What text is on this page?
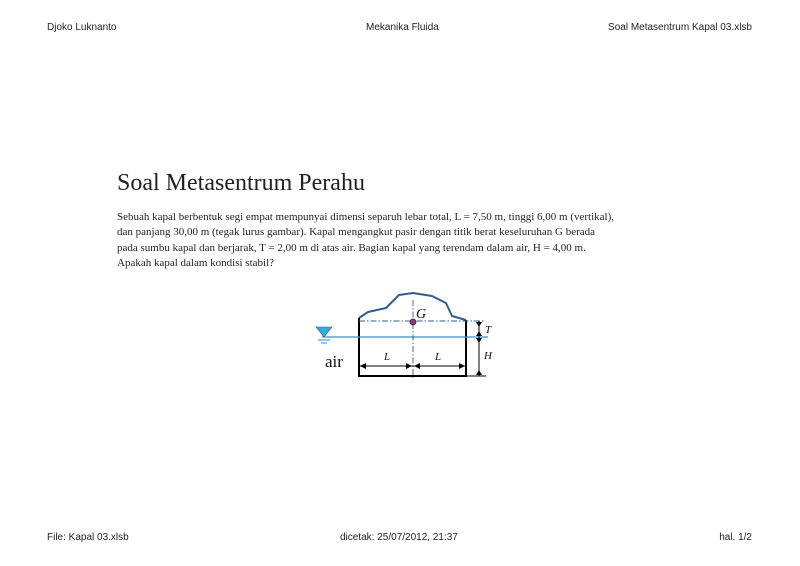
Djoko Luknanto	Mekanika Fluida	Soal Metasentrum Kapal 03.xlsb
Soal Metasentrum Perahu

Sebuah kapal berbentuk segi empat mempunyai dimensi separuh lebar total, L = 7,50 m, tinggi 6,00 m (vertikal),

dan panjang 30,00 m (tegak lurus gambar). Kapal mengangkut pasir dengan titik berat keseluruhan G berada

pada sumbu kapal dan berjarak, T = 2,00 m di atas air. Bagian kapal yang terendam dalam air, H = 4,00 m.

Apakah kapal dalam kondisi stabil?

G
T
H
L	L
air
File: Kapal 03.xlsb	dicetak: 25/07/2012, 21:37	hal. 1/2
